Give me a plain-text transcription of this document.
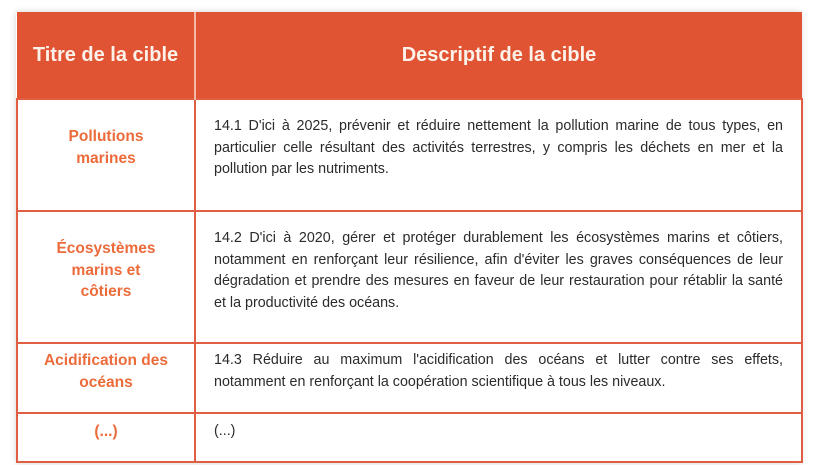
Titre de la cible	Descriptif de la cible

Pollutions marines	14.1 D'ici à 2025, prévenir et réduire nettement la pollution marine de tous types, en particulier celle résultant des activités terrestres, y compris les déchets en mer et la pollution par les nutriments.

Écosystèmes marins et côtiers	14.2 D'ici à 2020, gérer et protéger durablement les écosystèmes marins et côtiers, notamment en renforçant leur résilience, afin d'éviter les graves conséquences de leur dégradation et prendre des mesures en faveur de leur restauration pour rétablir la santé et la productivité des océans.

Acidification des océans	14.3 Réduire au maximum l'acidification des océans et lutter contre ses effets, notamment en renforçant la coopération scientifique à tous les niveaux.

(...)	(...)
